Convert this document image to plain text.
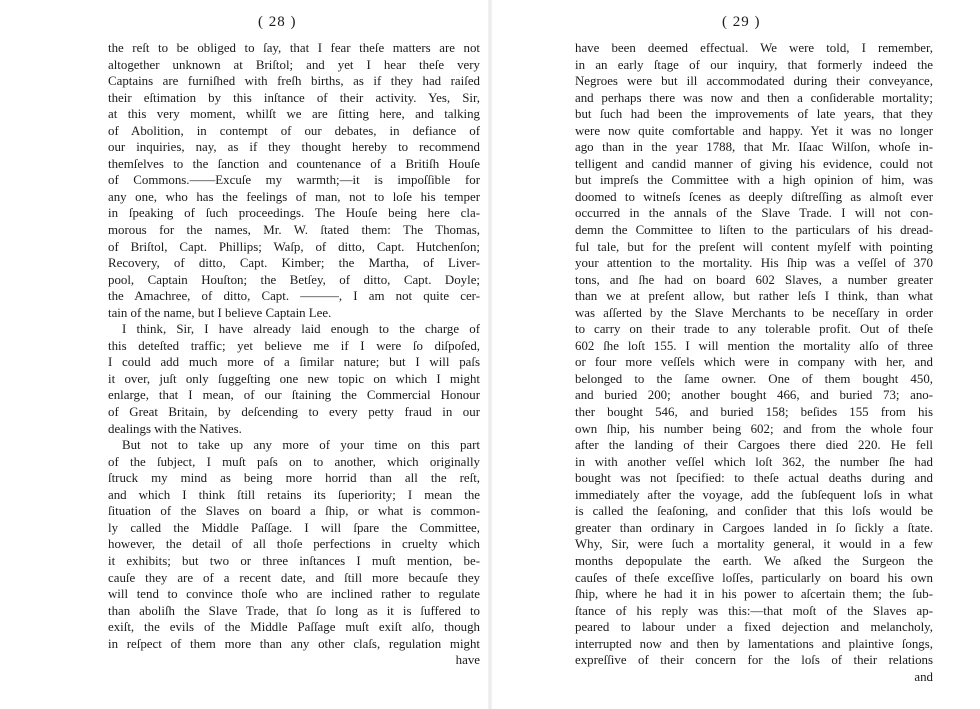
( 28 )
the reſt to be obliged to ſay, that I fear theſe matters are not
altogether unknown at Briſtol; and yet I hear theſe very
Captains are furniſhed with freſh births, as if they had raiſed
their eſtimation by this inſtance of their activity. Yes, Sir,
at this very moment, whilſt we are ſitting here, and talking
of Abolition, in contempt of our debates, in defiance of
our inquiries, nay, as if they thought hereby to recommend
themſelves to the ſanction and countenance of a Britiſh Houſe
of Commons.——Excuſe my warmth;—it is impoſſible for
any one, who has the feelings of man, not to loſe his temper
in ſpeaking of ſuch proceedings. The Houſe being here cla-
morous for the names, Mr. W. ſtated them: The Thomas,
of Briſtol, Capt. Phillips; Waſp, of ditto, Capt. Hutchenſon;
Recovery, of ditto, Capt. Kimber; the Martha, of Liver-
pool, Captain Houſton; the Betſey, of ditto, Capt. Doyle;
the Amachree, of ditto, Capt. ———, I am not quite cer-
tain of the name, but I believe Captain Lee.
I think, Sir, I have already laid enough to the charge of
this deteſted traffic; yet believe me if I were ſo diſpoſed,
I could add much more of a ſimilar nature; but I will paſs
it over, juſt only ſuggeſting one new topic on which I might
enlarge, that I mean, of our ſtaining the Commercial Honour
of Great Britain, by deſcending to every petty fraud in our
dealings with the Natives.
But not to take up any more of your time on this part
of the ſubject, I muſt paſs on to another, which originally
ſtruck my mind as being more horrid than all the reſt,
and which I think ſtill retains its ſuperiority; I mean the
ſituation of the Slaves on board a ſhip, or what is common-
ly called the Middle Paſſage. I will ſpare the Committee,
however, the detail of all thoſe perfections in cruelty which
it exhibits; but two or three inſtances I muſt mention, be-
cauſe they are of a recent date, and ſtill more becauſe they
will tend to convince thoſe who are inclined rather to regulate
than aboliſh the Slave Trade, that ſo long as it is ſuffered to
exiſt, the evils of the Middle Paſſage muſt exiſt alſo, though
in reſpect of them more than any other claſs, regulation might
have
( 29 )
have been deemed effectual. We were told, I remember,
in an early ſtage of our inquiry, that formerly indeed the
Negroes were but ill accommodated during their conveyance,
and perhaps there was now and then a conſiderable mortality;
but ſuch had been the improvements of late years, that they
were now quite comfortable and happy. Yet it was no longer
ago than in the year 1788, that Mr. Iſaac Wilſon, whoſe in-
telligent and candid manner of giving his evidence, could not
but impreſs the Committee with a high opinion of him, was
doomed to witneſs ſcenes as deeply diſtreſſing as almoſt ever
occurred in the annals of the Slave Trade. I will not con-
demn the Committee to liſten to the particulars of his dread-
ful tale, but for the preſent will content myſelf with pointing
your attention to the mortality. His ſhip was a veſſel of 370
tons, and ſhe had on board 602 Slaves, a number greater
than we at preſent allow, but rather leſs I think, than what
was aſſerted by the Slave Merchants to be neceſſary in order
to carry on their trade to any tolerable profit. Out of theſe
602 ſhe loſt 155. I will mention the mortality alſo of three
or four more veſſels which were in company with her, and
belonged to the ſame owner. One of them bought 450,
and buried 200; another bought 466, and buried 73; ano-
ther bought 546, and buried 158; beſides 155 from his
own ſhip, his number being 602; and from the whole four
after the landing of their Cargoes there died 220. He fell
in with another veſſel which loſt 362, the number ſhe had
bought was not ſpecified: to theſe actual deaths during and
immediately after the voyage, add the ſubſequent loſs in what
is called the ſeaſoning, and conſider that this loſs would be
greater than ordinary in Cargoes landed in ſo ſickly a ſtate.
Why, Sir, were ſuch a mortality general, it would in a few
months depopulate the earth. We aſked the Surgeon the
cauſes of theſe exceſſive loſſes, particularly on board his own
ſhip, where he had it in his power to aſcertain them; the ſub-
ſtance of his reply was this:—that moſt of the Slaves ap-
peared to labour under a fixed dejection and melancholy,
interrupted now and then by lamentations and plaintive ſongs,
expreſſive of their concern for the loſs of their relations
and
